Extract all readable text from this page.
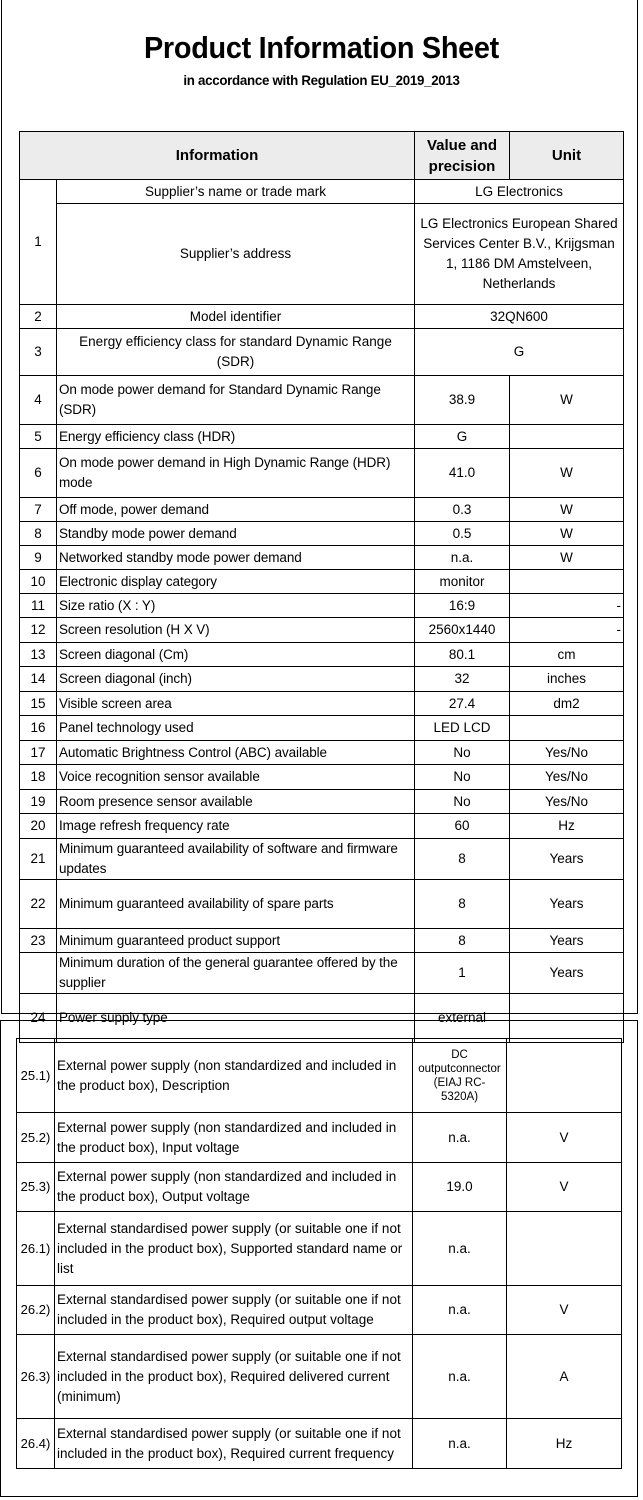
Product Information Sheet
in accordance with Regulation EU_2019_2013
Information		Value and precision	Unit
1	Supplier’s name or trade mark	LG Electronics	
	Supplier’s address	LG Electronics European Shared Services Center B.V., Krijgsman 1, 1186 DM Amstelveen, Netherlands	
2	Model identifier	32QN600	
3	Energy efficiency class for standard Dynamic Range (SDR)	G	
4	On mode power demand for Standard Dynamic Range (SDR)	38.9	W
5	Energy efficiency class (HDR)	G	
6	On mode power demand in High Dynamic Range (HDR) mode	41.0	W
7	Off mode, power demand	0.3	W
8	Standby mode power demand	0.5	W
9	Networked standby mode power demand	n.a.	W
10	Electronic display category	monitor	
11	Size ratio (X : Y)	16:9	-
12	Screen resolution (H X V)	2560x1440	-
13	Screen diagonal (Cm)	80.1	cm
14	Screen diagonal (inch)	32	inches
15	Visible screen area	27.4	dm2
16	Panel technology used	LED LCD	
17	Automatic Brightness Control (ABC) available	No	Yes/No
18	Voice recognition sensor available	No	Yes/No
19	Room presence sensor available	No	Yes/No
20	Image refresh frequency rate	60	Hz
21	Minimum guaranteed availability of software and firmware updates	8	Years
22	Minimum guaranteed availability of spare parts	8	Years
23	Minimum guaranteed product support	8	Years
	Minimum duration of the general guarantee offered by the supplier	1	Years
24	Power supply type	external	
25.1)	External power supply (non standardized and included in the product box), Description	DC outputconnector (EIAJ RC-5320A)	
25.2)	External power supply (non standardized and included in the product box), Input voltage	n.a.	V
25.3)	External power supply (non standardized and included in the product box), Output voltage	19.0	V
26.1)	External standardised power supply (or suitable one if not included in the product box), Supported standard name or list	n.a.	
26.2)	External standardised power supply (or suitable one if not included in the product box), Required output voltage	n.a.	V
26.3)	External standardised power supply (or suitable one if not included in the product box), Required delivered current (minimum)	n.a.	A
26.4)	External standardised power supply (or suitable one if not included in the product box), Required current frequency	n.a.	Hz
